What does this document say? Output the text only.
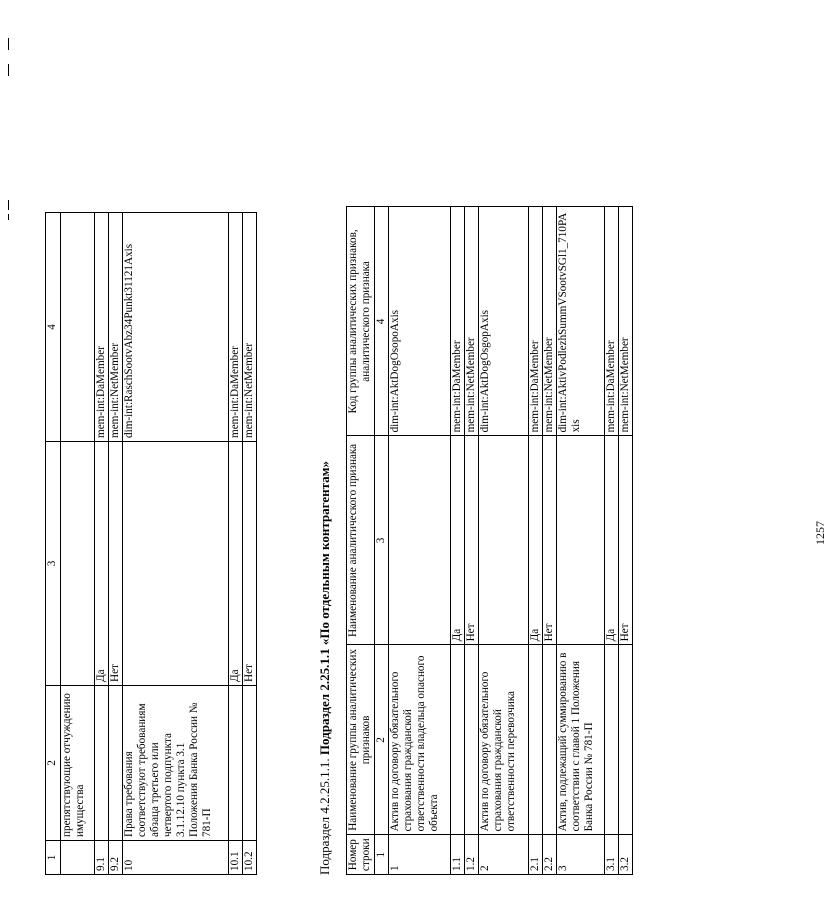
1	2	3	4
	препятствующие отчуждению имущества		
9.1		Да	mem-int:DaMember
9.2		Нет	mem-int:NetMember
10	Права требования соответствуют требованиям абзаца третьего или четвертого подпункта 3.1.12.10 пункта 3.1 Положения Банка России № 781-П		dim-int:RaschSootvAbz34Punkt31121Axis
10.1		Да	mem-int:DaMember
10.2		Нет	mem-int:NetMember
Подраздел 4.2.25.1.1. Подраздел 2.25.1.1 «По отдельным контрагентам»
Номер строки	Наименование группы аналитических признаков	Наименование аналитического признака	Код группы аналитических признаков, аналитического признака
1	2	3	4
1	Актив по договору обязательного страхования гражданской ответственности владельца опасного объекта		dim-int:AktDogOsopoAxis
1.1		Да	mem-int:DaMember
1.2		Нет	mem-int:NetMember
2	Актив по договору обязательного страхования гражданской ответственности перевозчика		dim-int:AktDogOsgopAxis
2.1		Да	mem-int:DaMember
2.2		Нет	mem-int:NetMember
3	Актив, подлежащий суммированию в соответствии с главой 1 Положения Банка России № 781-П		dim-int:AktivPodlezhSummVSootvSGl1_710PAxis
3.1		Да	mem-int:DaMember
3.2		Нет	mem-int:NetMember
1257
